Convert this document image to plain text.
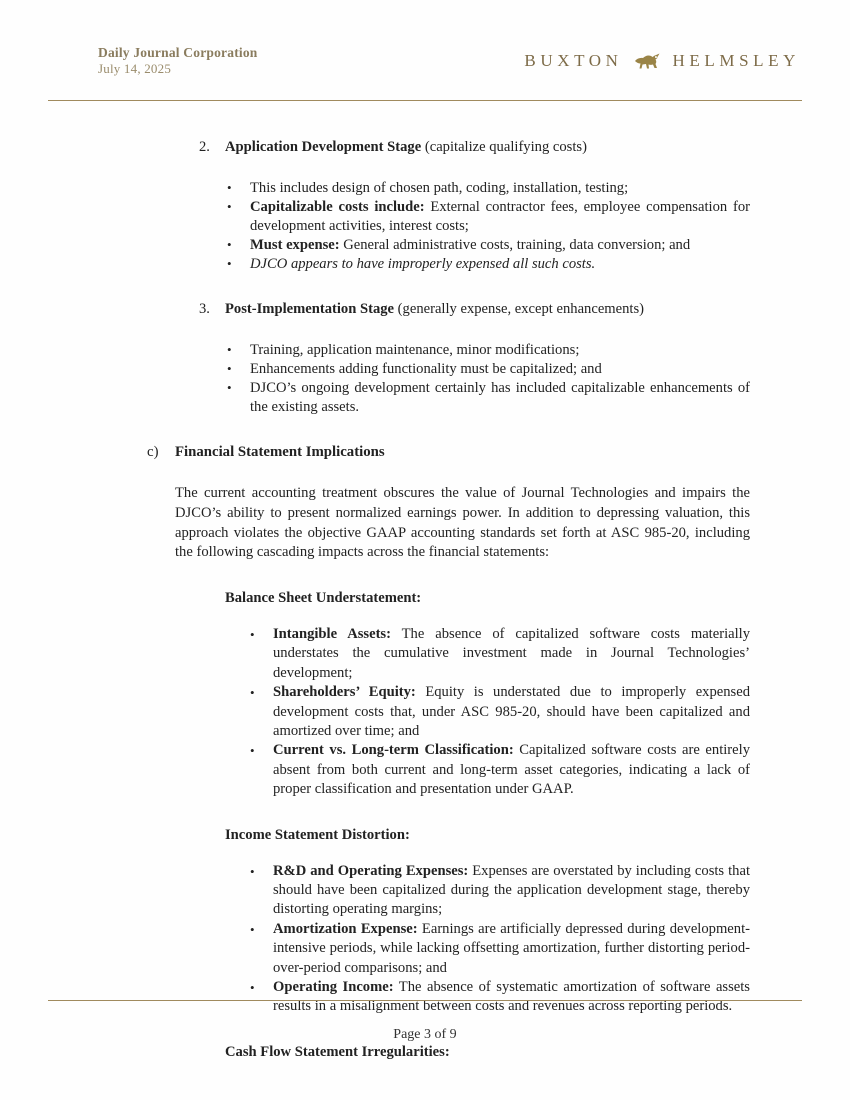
Daily Journal Corporation
July 14, 2025	BUXTON	HELMSLEY
2.	Application Development Stage (capitalize qualifying costs)
•	This includes design of chosen path, coding, installation, testing;
•	Capitalizable costs include: External contractor fees, employee compensation for development activities, interest costs;
•	Must expense: General administrative costs, training, data conversion; and
•	DJCO appears to have improperly expensed all such costs.
3.	Post-Implementation Stage (generally expense, except enhancements)
•	Training, application maintenance, minor modifications;
•	Enhancements adding functionality must be capitalized; and
•	DJCO’s ongoing development certainly has included capitalizable enhancements of the existing assets.
c)	Financial Statement Implications
The current accounting treatment obscures the value of Journal Technologies and impairs the DJCO’s ability to present normalized earnings power. In addition to depressing valuation, this approach violates the objective GAAP accounting standards set forth at ASC 985-20, including the following cascading impacts across the financial statements:
Balance Sheet Understatement:
•	Intangible Assets: The absence of capitalized software costs materially understates the cumulative investment made in Journal Technologies’ development;
•	Shareholders’ Equity: Equity is understated due to improperly expensed development costs that, under ASC 985-20, should have been capitalized and amortized over time; and
•	Current vs. Long-term Classification: Capitalized software costs are entirely absent from both current and long-term asset categories, indicating a lack of proper classification and presentation under GAAP.
Income Statement Distortion:
•	R&D and Operating Expenses: Expenses are overstated by including costs that should have been capitalized during the application development stage, thereby distorting operating margins;
•	Amortization Expense: Earnings are artificially depressed during development-intensive periods, while lacking offsetting amortization, further distorting period-over-period comparisons; and
•	Operating Income: The absence of systematic amortization of software assets results in a misalignment between costs and revenues across reporting periods.
Cash Flow Statement Irregularities:
Page 3 of 9
